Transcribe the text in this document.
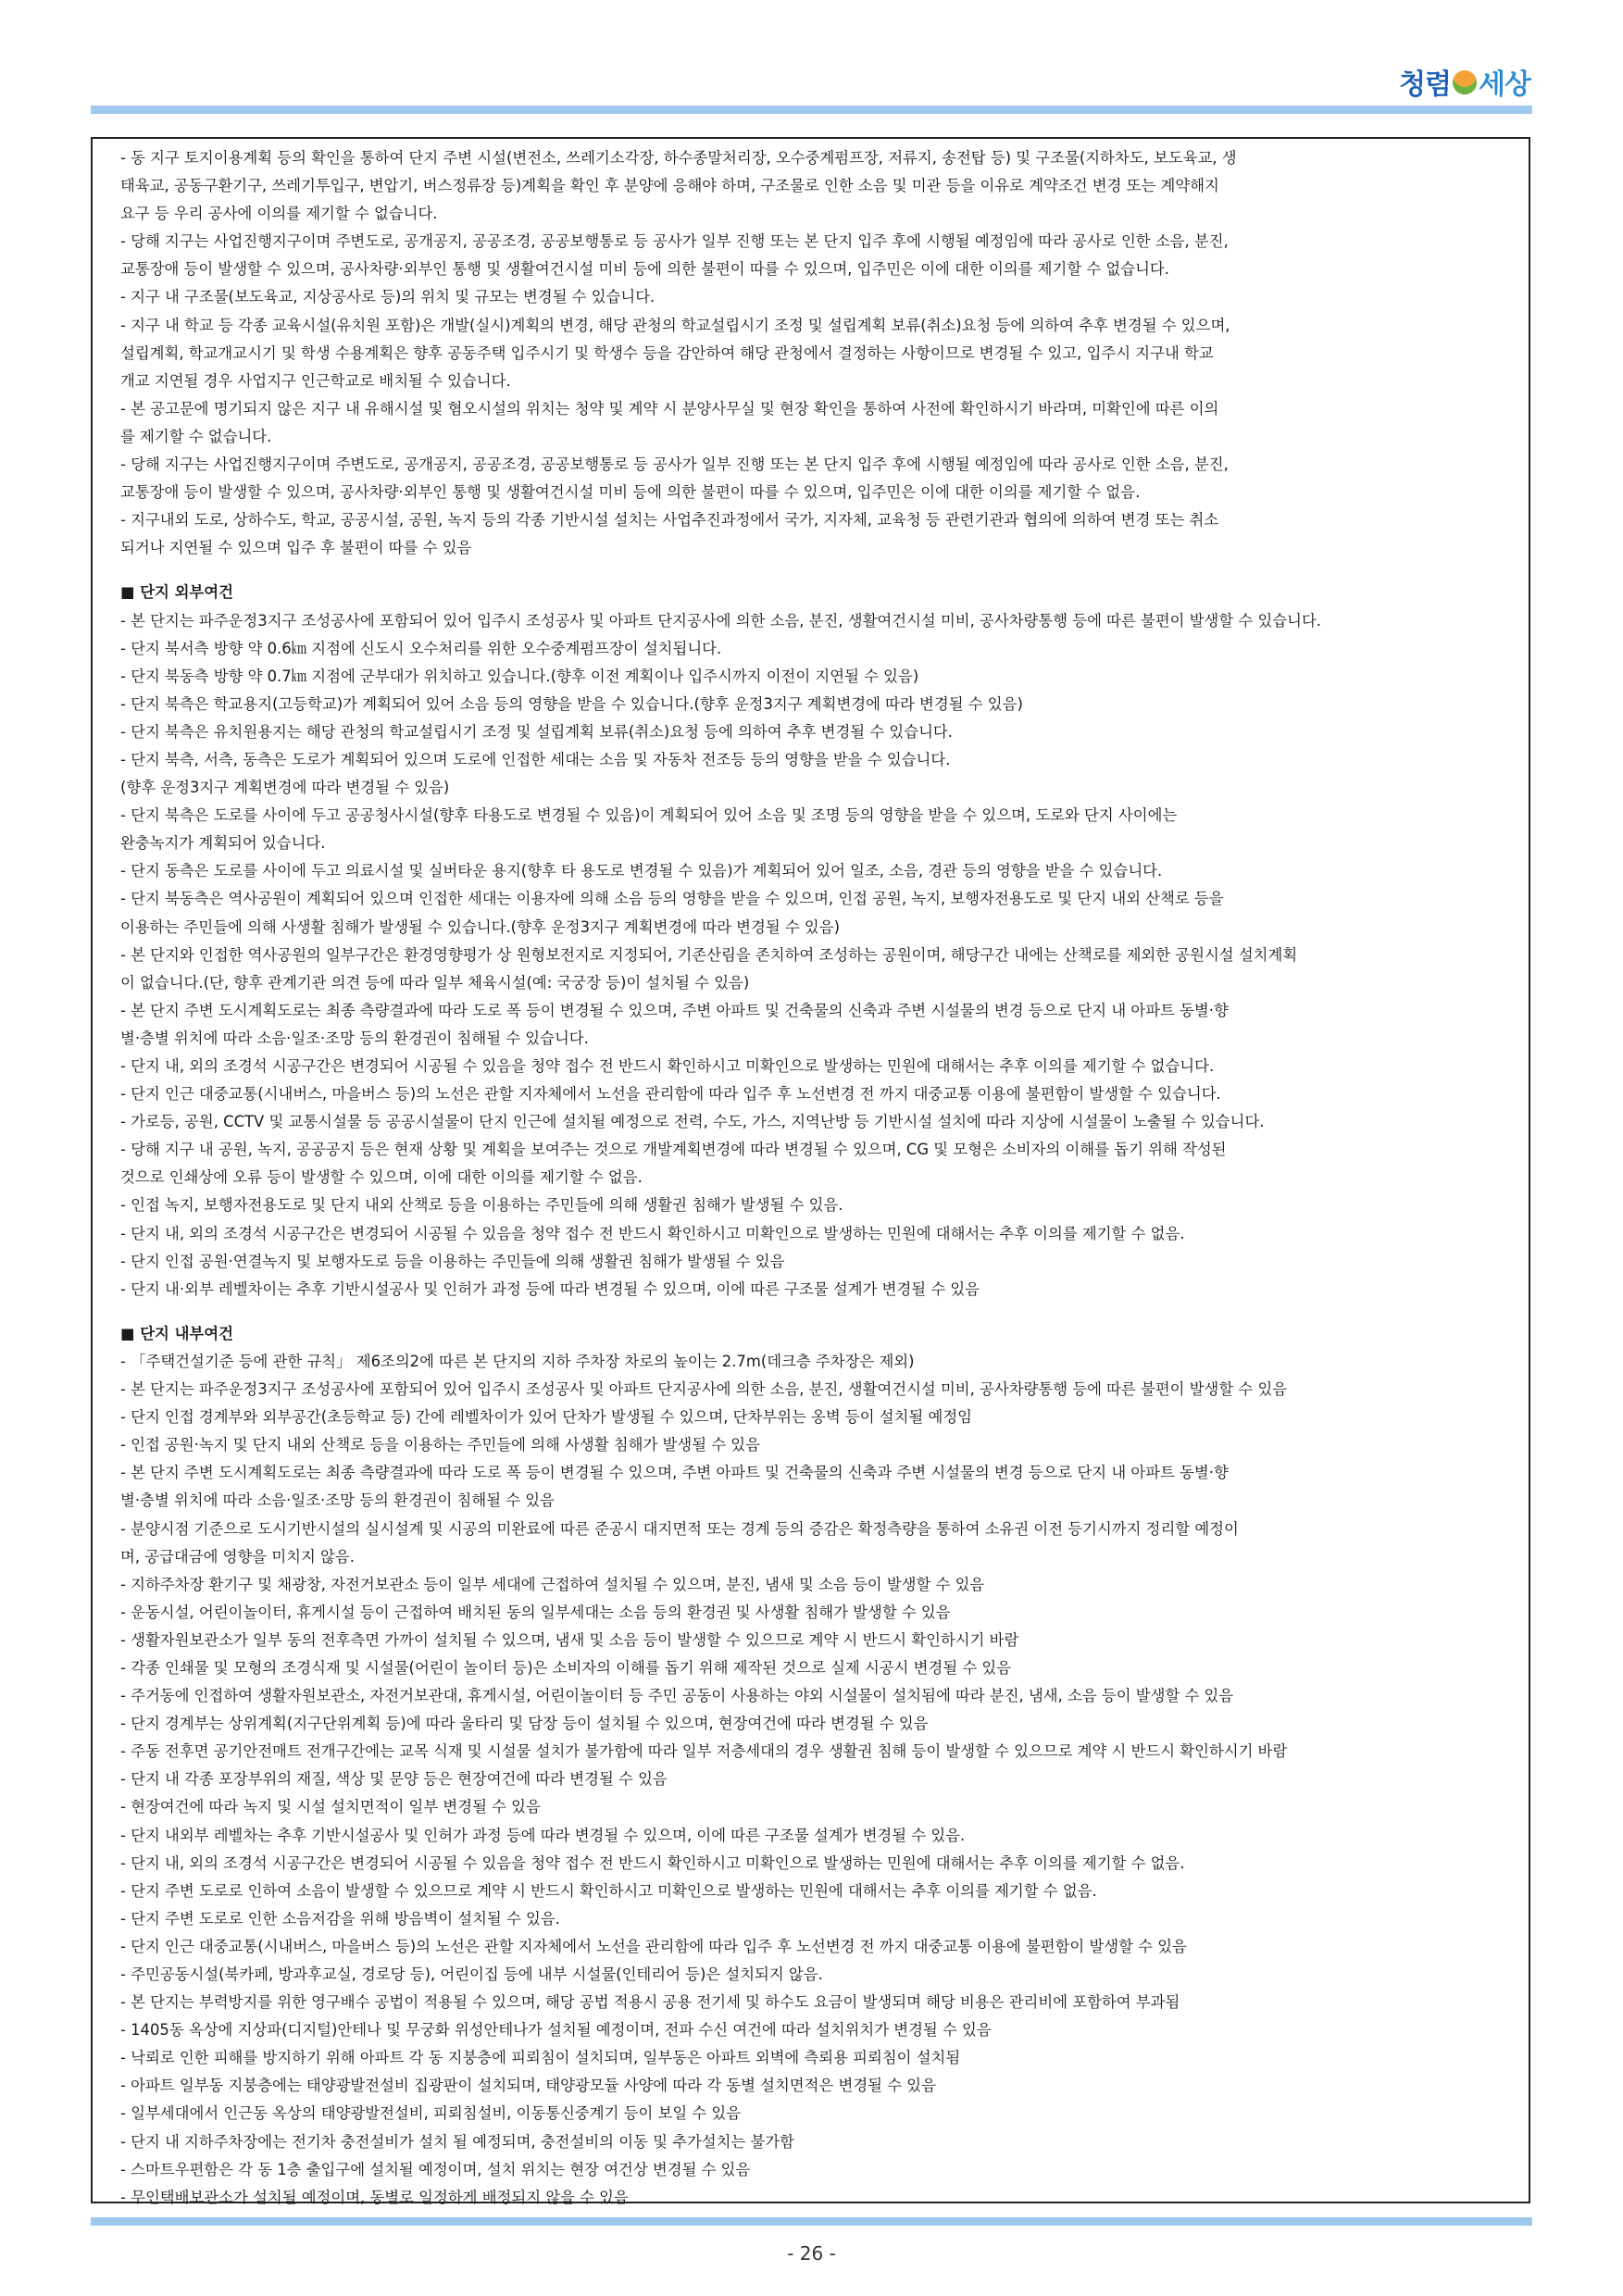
청렴 세상
- 동 지구 토지이용계획 등의 확인을 통하여 단지 주변 시설(변전소, 쓰레기소각장, 하수종말처리장, 오수중계펌프장, 저류지, 송전탑 등) 및 구조물(지하차도, 보도육교, 생
태육교, 공동구환기구, 쓰레기투입구, 변압기, 버스정류장 등)계획을 확인 후 분양에 응해야 하며, 구조물로 인한 소음 및 미관 등을 이유로 계약조건 변경 또는 계약해지
요구 등 우리 공사에 이의를 제기할 수 없습니다.
- 당해 지구는 사업진행지구이며 주변도로, 공개공지, 공공조경, 공공보행통로 등 공사가 일부 진행 또는 본 단지 입주 후에 시행될 예정임에 따라 공사로 인한 소음, 분진,
교통장애 등이 발생할 수 있으며, 공사차량·외부인 통행 및 생활여건시설 미비 등에 의한 불편이 따를 수 있으며, 입주민은 이에 대한 이의를 제기할 수 없습니다.
- 지구 내 구조물(보도육교, 지상공사로 등)의 위치 및 규모는 변경될 수 있습니다.
- 지구 내 학교 등 각종 교육시설(유치원 포함)은 개발(실시)계획의 변경, 해당 관청의 학교설립시기 조정 및 설립계획 보류(취소)요청 등에 의하여 추후 변경될 수 있으며,
설립계획, 학교개교시기 및 학생 수용계획은 향후 공동주택 입주시기 및 학생수 등을 감안하여 해당 관청에서 결정하는 사항이므로 변경될 수 있고, 입주시 지구내 학교
개교 지연될 경우 사업지구 인근학교로 배치될 수 있습니다.
- 본 공고문에 명기되지 않은 지구 내 유해시설 및 혐오시설의 위치는 청약 및 계약 시 분양사무실 및 현장 확인을 통하여 사전에 확인하시기 바라며, 미확인에 따른 이의
를 제기할 수 없습니다.
- 당해 지구는 사업진행지구이며 주변도로, 공개공지, 공공조경, 공공보행통로 등 공사가 일부 진행 또는 본 단지 입주 후에 시행될 예정임에 따라 공사로 인한 소음, 분진,
교통장애 등이 발생할 수 있으며, 공사차량·외부인 통행 및 생활여건시설 미비 등에 의한 불편이 따를 수 있으며, 입주민은 이에 대한 이의를 제기할 수 없음.
- 지구내외 도로, 상하수도, 학교, 공공시설, 공원, 녹지 등의 각종 기반시설 설치는 사업추진과정에서 국가, 지자체, 교육청 등 관련기관과 협의에 의하여 변경 또는 취소
되거나 지연될 수 있으며 입주 후 불편이 따를 수 있음
■ 단지 외부여건
- 본 단지는 파주운정3지구 조성공사에 포함되어 있어 입주시 조성공사 및 아파트 단지공사에 의한 소음, 분진, 생활여건시설 미비, 공사차량통행 등에 따른 불편이 발생할 수 있습니다.
- 단지 북서측 방향 약 0.6㎞ 지점에 신도시 오수처리를 위한 오수중계펌프장이 설치됩니다.
- 단지 북동측 방향 약 0.7㎞ 지점에 군부대가 위치하고 있습니다.(향후 이전 계획이나 입주시까지 이전이 지연될 수 있음)
- 단지 북측은 학교용지(고등학교)가 계획되어 있어 소음 등의 영향을 받을 수 있습니다.(향후 운정3지구 계획변경에 따라 변경될 수 있음)
- 단지 북측은 유치원용지는 해당 관청의 학교설립시기 조정 및 설립계획 보류(취소)요청 등에 의하여 추후 변경될 수 있습니다.
- 단지 북측, 서측, 동측은 도로가 계획되어 있으며 도로에 인접한 세대는 소음 및 자동차 전조등 등의 영향을 받을 수 있습니다.
(향후 운정3지구 계획변경에 따라 변경될 수 있음)
- 단지 북측은 도로를 사이에 두고 공공청사시설(향후 타용도로 변경될 수 있음)이 계획되어 있어 소음 및 조명 등의 영향을 받을 수 있으며, 도로와 단지 사이에는
완충녹지가 계획되어 있습니다.
- 단지 동측은 도로를 사이에 두고 의료시설 및 실버타운 용지(향후 타 용도로 변경될 수 있음)가 계획되어 있어 일조, 소음, 경관 등의 영향을 받을 수 있습니다.
- 단지 북동측은 역사공원이 계획되어 있으며 인접한 세대는 이용자에 의해 소음 등의 영향을 받을 수 있으며, 인접 공원, 녹지, 보행자전용도로 및 단지 내외 산책로 등을
이용하는 주민들에 의해 사생활 침해가 발생될 수 있습니다.(향후 운정3지구 계획변경에 따라 변경될 수 있음)
- 본 단지와 인접한 역사공원의 일부구간은 환경영향평가 상 원형보전지로 지정되어, 기존산림을 존치하여 조성하는 공원이며, 해당구간 내에는 산책로를 제외한 공원시설 설치계획
이 없습니다.(단, 향후 관계기관 의견 등에 따라 일부 체육시설(예: 국궁장 등)이 설치될 수 있음)
- 본 단지 주변 도시계획도로는 최종 측량결과에 따라 도로 폭 등이 변경될 수 있으며, 주변 아파트 및 건축물의 신축과 주변 시설물의 변경 등으로 단지 내 아파트 동별·향
별·층별 위치에 따라 소음·일조·조망 등의 환경권이 침해될 수 있습니다.
- 단지 내, 외의 조경석 시공구간은 변경되어 시공될 수 있음을 청약 접수 전 반드시 확인하시고 미확인으로 발생하는 민원에 대해서는 추후 이의를 제기할 수 없습니다.
- 단지 인근 대중교통(시내버스, 마을버스 등)의 노선은 관할 지자체에서 노선을 관리함에 따라 입주 후 노선변경 전 까지 대중교통 이용에 불편함이 발생할 수 있습니다.
- 가로등, 공원, CCTV 및 교통시설물 등 공공시설물이 단지 인근에 설치될 예정으로 전력, 수도, 가스, 지역난방 등 기반시설 설치에 따라 지상에 시설물이 노출될 수 있습니다.
- 당해 지구 내 공원, 녹지, 공공공지 등은 현재 상황 및 계획을 보여주는 것으로 개발계획변경에 따라 변경될 수 있으며, CG 및 모형은 소비자의 이해를 돕기 위해 작성된
것으로 인쇄상에 오류 등이 발생할 수 있으며, 이에 대한 이의를 제기할 수 없음.
- 인접 녹지, 보행자전용도로 및 단지 내외 산책로 등을 이용하는 주민들에 의해 생활권 침해가 발생될 수 있음.
- 단지 내, 외의 조경석 시공구간은 변경되어 시공될 수 있음을 청약 접수 전 반드시 확인하시고 미확인으로 발생하는 민원에 대해서는 추후 이의를 제기할 수 없음.
- 단지 인접 공원·연결녹지 및 보행자도로 등을 이용하는 주민들에 의해 생활권 침해가 발생될 수 있음
- 단지 내·외부 레벨차이는 추후 기반시설공사 및 인허가 과정 등에 따라 변경될 수 있으며, 이에 따른 구조물 설계가 변경될 수 있음
■ 단지 내부여건
- 「주택건설기준 등에 관한 규칙」 제6조의2에 따른 본 단지의 지하 주차장 차로의 높이는 2.7m(데크층 주차장은 제외)
- 본 단지는 파주운정3지구 조성공사에 포함되어 있어 입주시 조성공사 및 아파트 단지공사에 의한 소음, 분진, 생활여건시설 미비, 공사차량통행 등에 따른 불편이 발생할 수 있음
- 단지 인접 경계부와 외부공간(초등학교 등) 간에 레벨차이가 있어 단차가 발생될 수 있으며, 단차부위는 옹벽 등이 설치될 예정임
- 인접 공원·녹지 및 단지 내외 산책로 등을 이용하는 주민들에 의해 사생활 침해가 발생될 수 있음
- 본 단지 주변 도시계획도로는 최종 측량결과에 따라 도로 폭 등이 변경될 수 있으며, 주변 아파트 및 건축물의 신축과 주변 시설물의 변경 등으로 단지 내 아파트 동별·향
별·층별 위치에 따라 소음·일조·조망 등의 환경권이 침해될 수 있음
- 분양시점 기준으로 도시기반시설의 실시설계 및 시공의 미완료에 따른 준공시 대지면적 또는 경계 등의 증감은 확정측량을 통하여 소유권 이전 등기시까지 정리할 예정이
며, 공급대금에 영향을 미치지 않음.
- 지하주차장 환기구 및 채광창, 자전거보관소 등이 일부 세대에 근접하여 설치될 수 있으며, 분진, 냄새 및 소음 등이 발생할 수 있음
- 운동시설, 어린이놀이터, 휴게시설 등이 근접하여 배치된 동의 일부세대는 소음 등의 환경권 및 사생활 침해가 발생할 수 있음
- 생활자원보관소가 일부 동의 전후측면 가까이 설치될 수 있으며, 냄새 및 소음 등이 발생할 수 있으므로 계약 시 반드시 확인하시기 바람
- 각종 인쇄물 및 모형의 조경식재 및 시설물(어린이 놀이터 등)은 소비자의 이해를 돕기 위해 제작된 것으로 실제 시공시 변경될 수 있음
- 주거동에 인접하여 생활자원보관소, 자전거보관대, 휴게시설, 어린이놀이터 등 주민 공동이 사용하는 야외 시설물이 설치됨에 따라 분진, 냄새, 소음 등이 발생할 수 있음
- 단지 경계부는 상위계획(지구단위계획 등)에 따라 울타리 및 담장 등이 설치될 수 있으며, 현장여건에 따라 변경될 수 있음
- 주동 전후면 공기안전매트 전개구간에는 교목 식재 및 시설물 설치가 불가함에 따라 일부 저층세대의 경우 생활권 침해 등이 발생할 수 있으므로 계약 시 반드시 확인하시기 바람
- 단지 내 각종 포장부위의 재질, 색상 및 문양 등은 현장여건에 따라 변경될 수 있음
- 현장여건에 따라 녹지 및 시설 설치면적이 일부 변경될 수 있음
- 단지 내외부 레벨차는 추후 기반시설공사 및 인허가 과정 등에 따라 변경될 수 있으며, 이에 따른 구조물 설계가 변경될 수 있음.
- 단지 내, 외의 조경석 시공구간은 변경되어 시공될 수 있음을 청약 접수 전 반드시 확인하시고 미확인으로 발생하는 민원에 대해서는 추후 이의를 제기할 수 없음.
- 단지 주변 도로로 인하여 소음이 발생할 수 있으므로 계약 시 반드시 확인하시고 미확인으로 발생하는 민원에 대해서는 추후 이의를 제기할 수 없음.
- 단지 주변 도로로 인한 소음저감을 위해 방음벽이 설치될 수 있음.
- 단지 인근 대중교통(시내버스, 마을버스 등)의 노선은 관할 지자체에서 노선을 관리함에 따라 입주 후 노선변경 전 까지 대중교통 이용에 불편함이 발생할 수 있음
- 주민공동시설(북카페, 방과후교실, 경로당 등), 어린이집 등에 내부 시설물(인테리어 등)은 설치되지 않음.
- 본 단지는 부력방지를 위한 영구배수 공법이 적용될 수 있으며, 해당 공법 적용시 공용 전기세 및 하수도 요금이 발생되며 해당 비용은 관리비에 포함하여 부과됨
- 1405동 옥상에 지상파(디지털)안테나 및 무궁화 위성안테나가 설치될 예정이며, 전파 수신 여건에 따라 설치위치가 변경될 수 있음
- 낙뢰로 인한 피해를 방지하기 위해 아파트 각 동 지붕층에 피뢰침이 설치되며, 일부동은 아파트 외벽에 측뢰용 피뢰침이 설치됨
- 아파트 일부동 지붕층에는 태양광발전설비 집광판이 설치되며, 태양광모듈 사양에 따라 각 동별 설치면적은 변경될 수 있음
- 일부세대에서 인근동 옥상의 태양광발전설비, 피뢰침설비, 이동통신중계기 등이 보일 수 있음
- 단지 내 지하주차장에는 전기차 충전설비가 설치 될 예정되며, 충전설비의 이동 및 추가설치는 불가함
- 스마트우편함은 각 동 1층 출입구에 설치될 예정이며, 설치 위치는 현장 여건상 변경될 수 있음
- 무인택배보관소가 설치될 예정이며, 동별로 일정하게 배정되지 않을 수 있음
- 26 -
